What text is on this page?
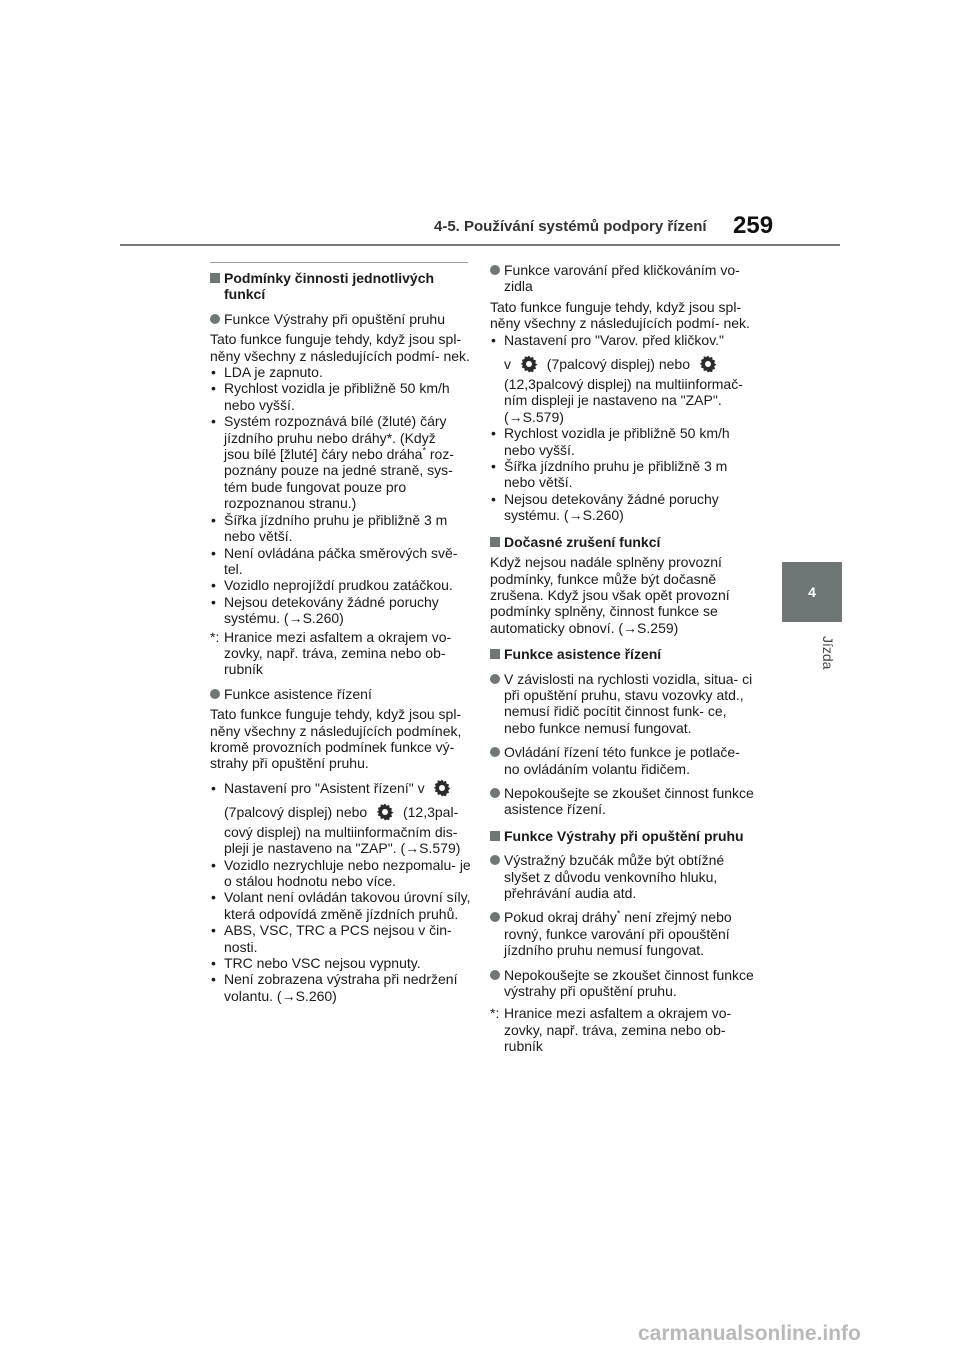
4-5. Používání systémů podpory řízení 259
4
Jízda
Podmínky činnosti jednotlivých funkcí
Funkce Výstrahy při opuštění pruhu

Tato funkce funguje tehdy, když jsou spl- něny všechny z následujících podmí- nek.

• LDA je zapnuto.
• Rychlost vozidla je přibližně 50 km/h nebo vyšší.
• Systém rozpoznává bílé (žluté) čáry jízdního pruhu nebo dráhy*. (Když
jsou bílé [žluté] čáry nebo dráha* roz- poznány pouze na jedné straně, sys- tém bude fungovat pouze pro rozpoznanou stranu.)
• Šířka jízdního pruhu je přibližně 3 m nebo větší.
• Není ovládána páčka směrových svě- tel.
• Vozidlo neprojíždí prudkou zatáčkou.
• Nejsou detekovány žádné poruchy systému. (→S.260)
*: Hranice mezi asfaltem a okrajem vo- zovky, např. tráva, zemina nebo ob- rubník
Funkce asistence řízení

Tato funkce funguje tehdy, když jsou spl- něny všechny z následujících podmínek, kromě provozních podmínek funkce vý- strahy při opuštění pruhu.

• Nastavení pro "Asistent řízení" v

(7palcový displej) nebo	(12,3pal-
cový displej) na multiinformačním dis- pleji je nastaveno na "ZAP". (→S.579)
• Vozidlo nezrychluje nebo nezpomalu- je o stálou hodnotu nebo více.
• Volant není ovládán takovou úrovní síly, která odpovídá změně jízdních pruhů.
• ABS, VSC, TRC a PCS nejsou v čin- nosti.
• TRC nebo VSC nejsou vypnuty.
• Není zobrazena výstraha při nedržení volantu. (→S.260)
Funkce varování před kličkováním vo- zidla

Tato funkce funguje tehdy, když jsou spl- něny všechny z následujících podmí- nek.

• Nastavení pro "Varov. před kličkov."
v	(7palcový displej) nebo
(12,3palcový displej) na multiinformač- ním displeji je nastaveno na "ZAP". (→S.579)
• Rychlost vozidla je přibližně 50 km/h nebo vyšší.
• Šířka jízdního pruhu je přibližně 3 m nebo větší.
• Nejsou detekovány žádné poruchy systému. (→S.260)
Dočasné zrušení funkcí

Když nejsou nadále splněny provozní podmínky, funkce může být dočasně zrušena. Když jsou však opět provozní podmínky splněny, činnost funkce se automaticky obnoví. (→S.259)

Funkce asistence řízení
V závislosti na rychlosti vozidla, situa- ci při opuštění pruhu, stavu vozovky atd., nemusí řidič pocítit činnost funk- ce, nebo funkce nemusí fungovat.
Ovládání řízení této funkce je potlače- no ovládáním volantu řidičem.
Nepokoušejte se zkoušet činnost funkce asistence řízení.
Funkce Výstrahy při opuštění pruhu
Výstražný bzučák může být obtížné slyšet z důvodu venkovního hluku, přehrávání audia atd.
Pokud okraj dráhy* není zřejmý nebo rovný, funkce varování při opouštění jízdního pruhu nemusí fungovat.
Nepokoušejte se zkoušet činnost funkce výstrahy při opuštění pruhu.
*: Hranice mezi asfaltem a okrajem vo- zovky, např. tráva, zemina nebo ob- rubník
carmanualsonline.info
